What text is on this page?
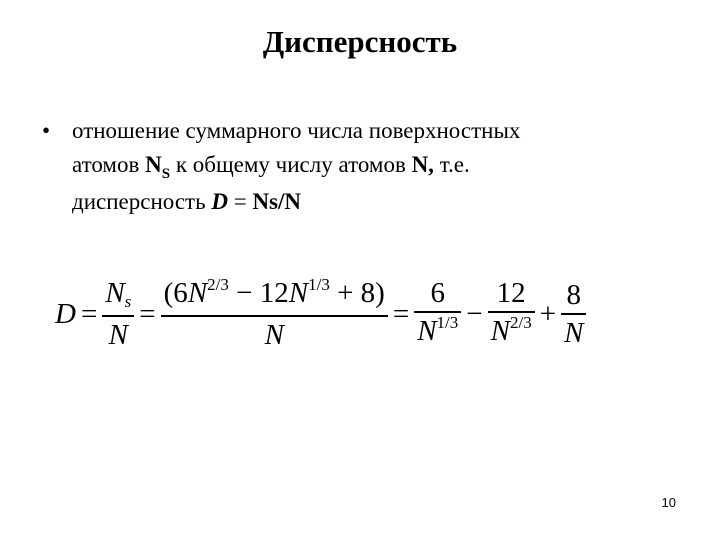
Дисперсность
• отношение суммарного числа поверхностных
атомов $N_S$ к общему числу атомов N, т.е.
дисперсность D = Ns/N
$D = \frac{Ns}{N} = \frac{(6N^{2/3} - 12N^{1/3} + 8)}{N} = \frac{6}{N^{1/3}} - \frac{12}{N^{2/3}} + \frac{8}{N}$
10
